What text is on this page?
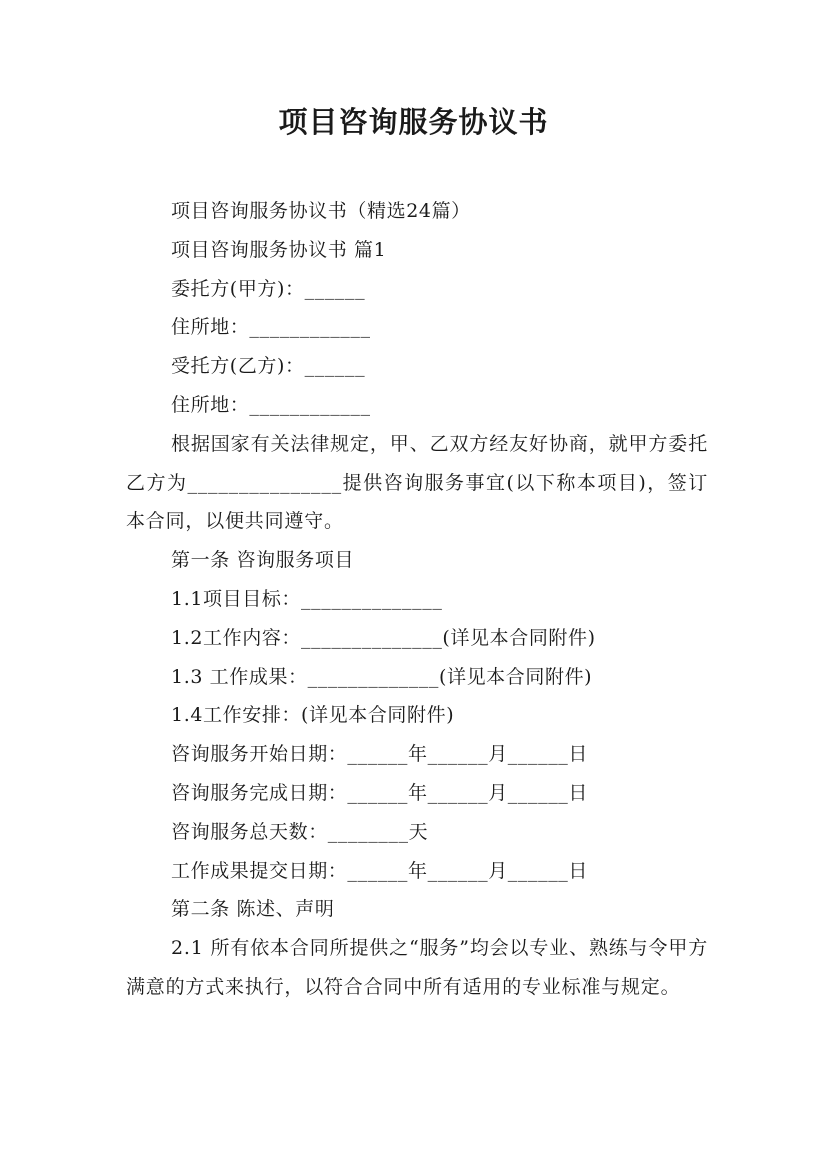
项目咨询服务协议书
项目咨询服务协议书（精选24篇）
项目咨询服务协议书 篇1
委托方(甲方)：______
住所地：____________
受托方(乙方)：______
住所地：____________

根据国家有关法律规定，甲、乙双方经友好协商，就甲方委托乙方为_______________提供咨询服务事宜(以下称本项目)，签订本合同，以便共同遵守。

第一条 咨询服务项目
1.1项目目标：______________
1.2工作内容：______________(详见本合同附件)
1.3 工作成果：_____________(详见本合同附件)
1.4工作安排：(详见本合同附件)
咨询服务开始日期：______年______月______日
咨询服务完成日期：______年______月______日
咨询服务总天数：________天
工作成果提交日期：______年______月______日
第二条 陈述、声明

2.1 所有依本合同所提供之“服务”均会以专业、熟练与令甲方满意的方式来执行，以符合合同中所有适用的专业标准与规定。
